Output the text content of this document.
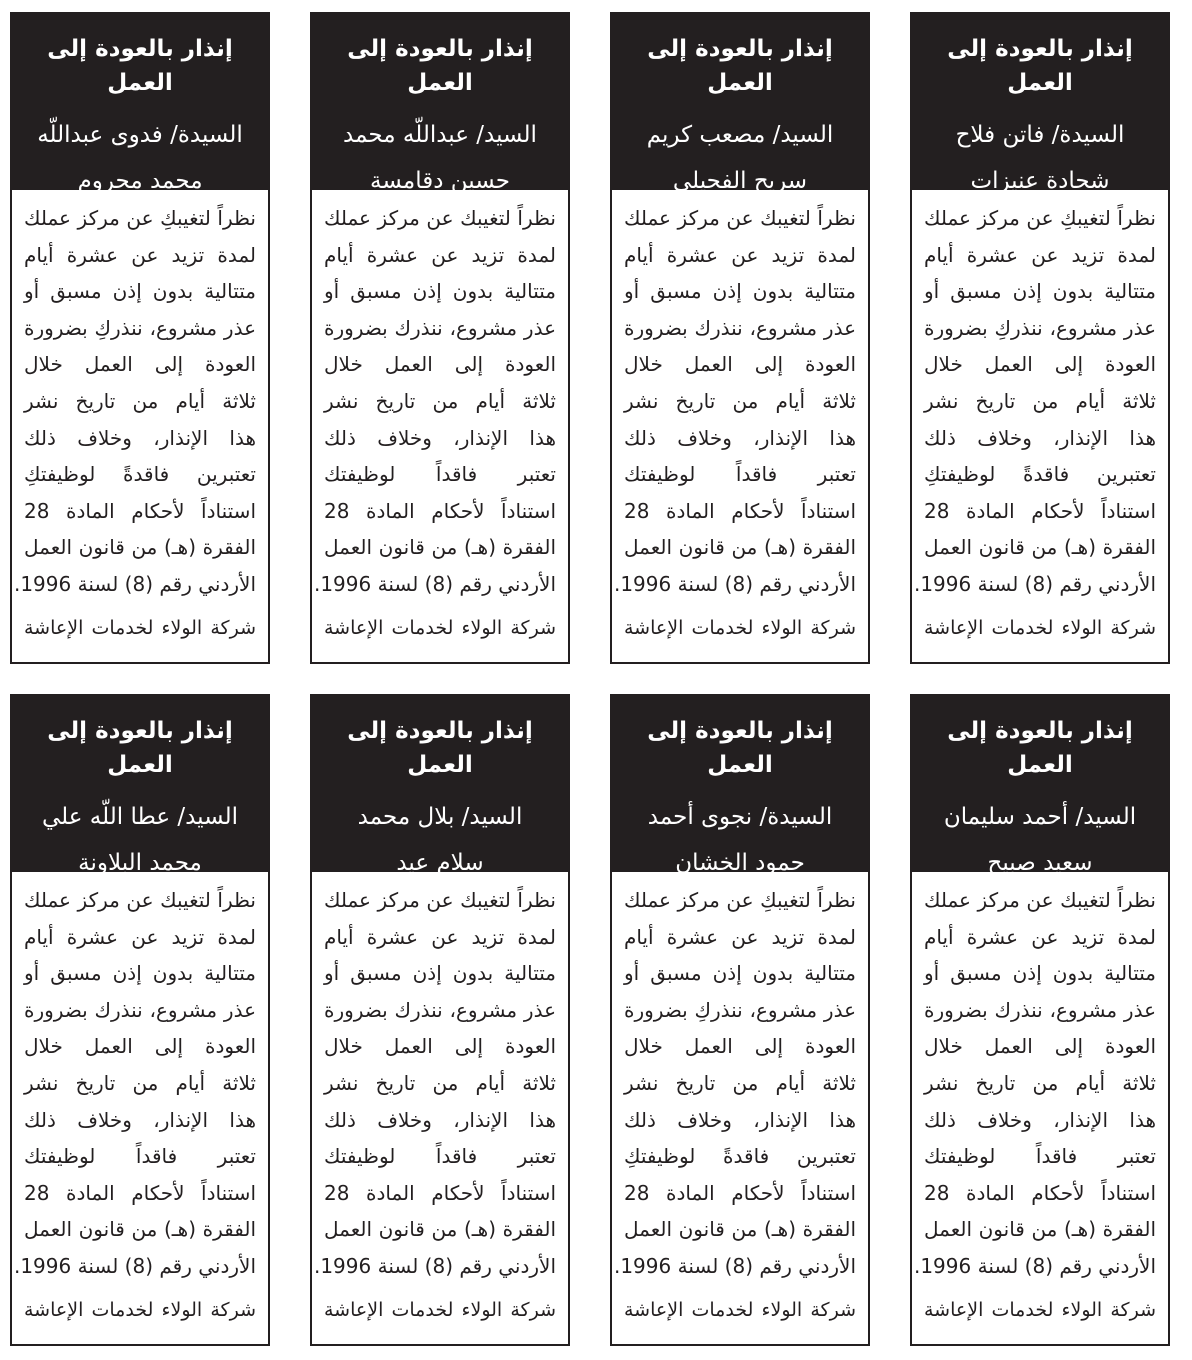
إنذار بالعودة إلى العمل
السيدة/ فاتن فلاح
شحادة عنيزات
نظراً لتغيبكِ عن مركز عملك
لمدة تزيد عن عشرة أيام
متتالية بدون إذن مسبق أو
عذر مشروع، ننذركِ بضرورة
العودة إلى العمل خلال
ثلاثة أيام من تاريخ نشر
هذا الإنذار، وخلاف ذلك
تعتبرين فاقدةً لوظيفتكِ
استناداً لأحكام المادة 28
الفقرة (هـ) من قانون العمل
الأردني رقم (8) لسنة 1996.
شركة الولاء لخدمات الإعاشة
إنذار بالعودة إلى العمل
السيد/ مصعب كريم
سريح الفحيلي
نظراً لتغيبك عن مركز عملك
لمدة تزيد عن عشرة أيام
متتالية بدون إذن مسبق أو
عذر مشروع، ننذرك بضرورة
العودة إلى العمل خلال
ثلاثة أيام من تاريخ نشر
هذا الإنذار، وخلاف ذلك
تعتبر فاقداً لوظيفتك
استناداً لأحكام المادة 28
الفقرة (هـ) من قانون العمل
الأردني رقم (8) لسنة 1996.
شركة الولاء لخدمات الإعاشة
إنذار بالعودة إلى العمل
السيد/ عبداللّه محمد
حسين دقامسة
نظراً لتغيبك عن مركز عملك
لمدة تزيد عن عشرة أيام
متتالية بدون إذن مسبق أو
عذر مشروع، ننذرك بضرورة
العودة إلى العمل خلال
ثلاثة أيام من تاريخ نشر
هذا الإنذار، وخلاف ذلك
تعتبر فاقداً لوظيفتك
استناداً لأحكام المادة 28
الفقرة (هـ) من قانون العمل
الأردني رقم (8) لسنة 1996.
شركة الولاء لخدمات الإعاشة
إنذار بالعودة إلى العمل
السيدة/ فدوى عبداللّه
محمد محروم
نظراً لتغيبكِ عن مركز عملك
لمدة تزيد عن عشرة أيام
متتالية بدون إذن مسبق أو
عذر مشروع، ننذركِ بضرورة
العودة إلى العمل خلال
ثلاثة أيام من تاريخ نشر
هذا الإنذار، وخلاف ذلك
تعتبرين فاقدةً لوظيفتكِ
استناداً لأحكام المادة 28
الفقرة (هـ) من قانون العمل
الأردني رقم (8) لسنة 1996.
شركة الولاء لخدمات الإعاشة
إنذار بالعودة إلى العمل
السيد/ أحمد سليمان
سعيد صبيح
نظراً لتغيبك عن مركز عملك
لمدة تزيد عن عشرة أيام
متتالية بدون إذن مسبق أو
عذر مشروع، ننذرك بضرورة
العودة إلى العمل خلال
ثلاثة أيام من تاريخ نشر
هذا الإنذار، وخلاف ذلك
تعتبر فاقداً لوظيفتك
استناداً لأحكام المادة 28
الفقرة (هـ) من قانون العمل
الأردني رقم (8) لسنة 1996.
شركة الولاء لخدمات الإعاشة
إنذار بالعودة إلى العمل
السيدة/ نجوى أحمد
حمود الخشان
نظراً لتغيبكِ عن مركز عملك
لمدة تزيد عن عشرة أيام
متتالية بدون إذن مسبق أو
عذر مشروع، ننذركِ بضرورة
العودة إلى العمل خلال
ثلاثة أيام من تاريخ نشر
هذا الإنذار، وخلاف ذلك
تعتبرين فاقدةً لوظيفتكِ
استناداً لأحكام المادة 28
الفقرة (هـ) من قانون العمل
الأردني رقم (8) لسنة 1996.
شركة الولاء لخدمات الإعاشة
إنذار بالعودة إلى العمل
السيد/ بلال محمد
سلام عيد
نظراً لتغيبك عن مركز عملك
لمدة تزيد عن عشرة أيام
متتالية بدون إذن مسبق أو
عذر مشروع، ننذرك بضرورة
العودة إلى العمل خلال
ثلاثة أيام من تاريخ نشر
هذا الإنذار، وخلاف ذلك
تعتبر فاقداً لوظيفتك
استناداً لأحكام المادة 28
الفقرة (هـ) من قانون العمل
الأردني رقم (8) لسنة 1996.
شركة الولاء لخدمات الإعاشة
إنذار بالعودة إلى العمل
السيد/ عطا اللّه علي
محمد البلاونة
نظراً لتغيبك عن مركز عملك
لمدة تزيد عن عشرة أيام
متتالية بدون إذن مسبق أو
عذر مشروع، ننذرك بضرورة
العودة إلى العمل خلال
ثلاثة أيام من تاريخ نشر
هذا الإنذار، وخلاف ذلك
تعتبر فاقداً لوظيفتك
استناداً لأحكام المادة 28
الفقرة (هـ) من قانون العمل
الأردني رقم (8) لسنة 1996.
شركة الولاء لخدمات الإعاشة
